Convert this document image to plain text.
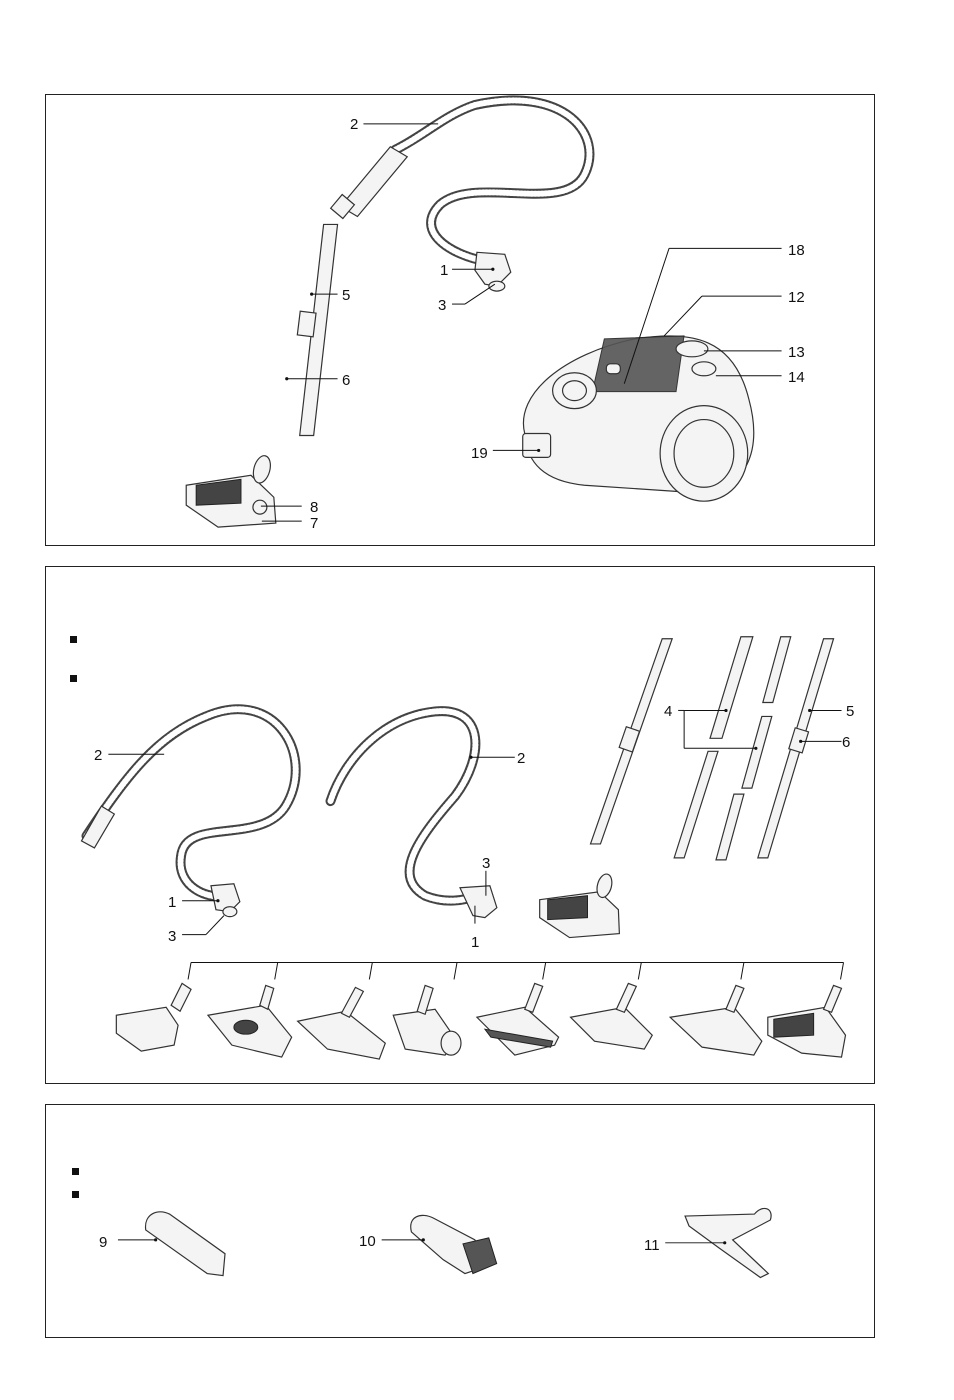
2
1
3
5
6
8
7
18
12
13
14
19
2
1
3
2
3
1
4	5
6
9	10	11
